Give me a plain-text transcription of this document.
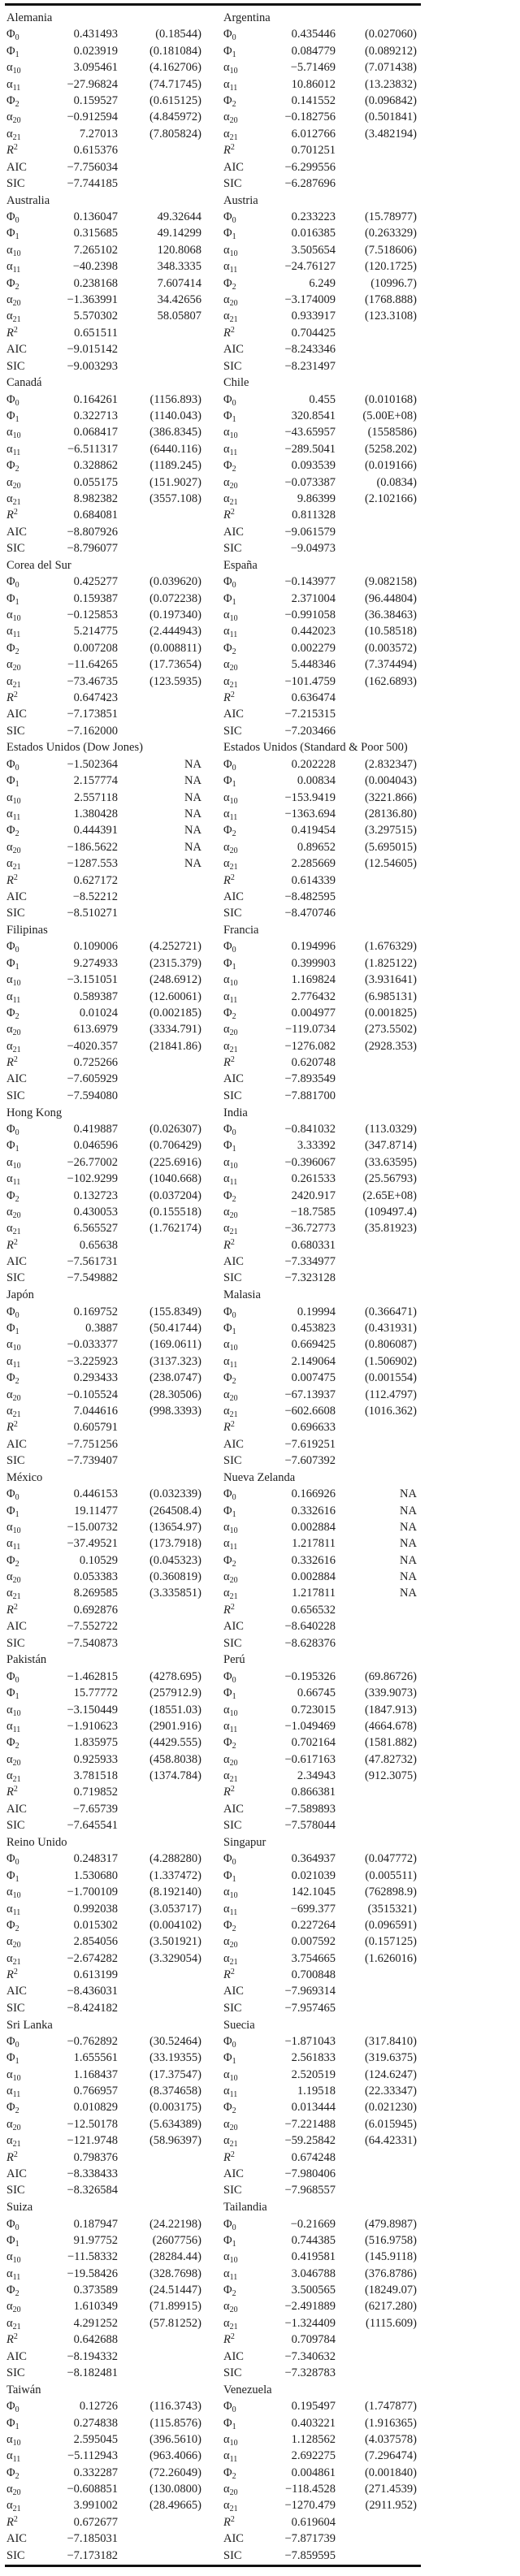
Alemania
$\Phi_0$	0.431493	(0.18544)
$\Phi_1$	0.023919	(0.181084)
$\alpha_{10}$	3.095461	(4.162706)
$\alpha_{11}$	−27.96824	(74.71745)
$\Phi_2$	0.159527	(0.615125)
$\alpha_{20}$	−0.912594	(4.845972)
$\alpha_{21}$	7.27013	(7.805824)
$R^2$	0.615376
AIC	−7.756034
SIC	−7.744185
Argentina
$\Phi_0$	0.435446	(0.027060)
$\Phi_1$	0.084779	(0.089212)
$\alpha_{10}$	−5.71469	(7.071438)
$\alpha_{11}$	10.86012	(13.23832)
$\Phi_2$	0.141552	(0.096842)
$\alpha_{20}$	−0.182756	(0.501841)
$\alpha_{21}$	6.012766	(3.482194)
$R^2$	0.701251
AIC	−6.299556
SIC	−6.287696
Australia
$\Phi_0$	0.136047	49.32644
$\Phi_1$	0.315685	49.14299
$\alpha_{10}$	7.265102	120.8068
$\alpha_{11}$	−40.2398	348.3335
$\Phi_2$	0.238168	7.607414
$\alpha_{20}$	−1.363991	34.42656
$\alpha_{21}$	5.570302	58.05807
$R^2$	0.651511
AIC	−9.015142
SIC	−9.003293
Austria
$\Phi_0$	0.233223	(15.78977)
$\Phi_1$	0.016385	(0.263329)
$\alpha_{10}$	3.505654	(7.518606)
$\alpha_{11}$	−24.76127	(120.1725)
$\Phi_2$	6.249	(10996.7)
$\alpha_{20}$	−3.174009	(1768.888)
$\alpha_{21}$	0.933917	(123.3108)
$R^2$	0.704425
AIC	−8.243346
SIC	−8.231497
Canadá
$\Phi_0$	0.164261	(1156.893)
$\Phi_1$	0.322713	(1140.043)
$\alpha_{10}$	0.068417	(386.8345)
$\alpha_{11}$	−6.511317	(6440.116)
$\Phi_2$	0.328862	(1189.245)
$\alpha_{20}$	0.055175	(151.9027)
$\alpha_{21}$	8.982382	(3557.108)
$R^2$	0.684081
AIC	−8.807926
SIC	−8.796077
Chile
$\Phi_0$	0.455	(0.010168)
$\Phi_1$	320.8541	(5.00E+08)
$\alpha_{10}$	−43.65957	(1558586)
$\alpha_{11}$	−289.5041	(5258.202)
$\Phi_2$	0.093539	(0.019166)
$\alpha_{20}$	−0.073387	(0.0834)
$\alpha_{21}$	9.86399	(2.102166)
$R^2$	0.811328
AIC	−9.061579
SIC	−9.04973
Corea del Sur
$\Phi_0$	0.425277	(0.039620)
$\Phi_1$	0.159387	(0.072238)
$\alpha_{10}$	−0.125853	(0.197340)
$\alpha_{11}$	5.214775	(2.444943)
$\Phi_2$	0.007208	(0.008811)
$\alpha_{20}$	−11.64265	(17.73654)
$\alpha_{21}$	−73.46735	(123.5935)
$R^2$	0.647423
AIC	−7.173851
SIC	−7.162000
España
$\Phi_0$	−0.143977	(9.082158)
$\Phi_1$	2.371004	(96.44804)
$\alpha_{10}$	−0.991058	(36.38463)
$\alpha_{11}$	0.442023	(10.58518)
$\Phi_2$	0.002279	(0.003572)
$\alpha_{20}$	5.448346	(7.374494)
$\alpha_{21}$	−101.4759	(162.6893)
$R^2$	0.636474
AIC	−7.215315
SIC	−7.203466
Estados Unidos (Dow Jones)
$\Phi_0$	−1.502364	NA
$\Phi_1$	2.157774	NA
$\alpha_{10}$	2.557118	NA
$\alpha_{11}$	1.380428	NA
$\Phi_2$	0.444391	NA
$\alpha_{20}$	−186.5622	NA
$\alpha_{21}$	−1287.553	NA
$R^2$	0.627172
AIC	−8.52212
SIC	−8.510271
Estados Unidos (Standard & Poor 500)
$\Phi_0$	0.202228	(2.832347)
$\Phi_1$	0.00834	(0.004043)
$\alpha_{10}$	−153.9419	(3221.866)
$\alpha_{11}$	−1363.694	(28136.80)
$\Phi_2$	0.419454	(3.297515)
$\alpha_{20}$	0.89652	(5.695015)
$\alpha_{21}$	2.285669	(12.54605)
$R^2$	0.614339
AIC	−8.482595
SIC	−8.470746
Filipinas
$\Phi_0$	0.109006	(4.252721)
$\Phi_1$	9.274933	(2315.379)
$\alpha_{10}$	−3.151051	(248.6912)
$\alpha_{11}$	0.589387	(12.60061)
$\Phi_2$	0.01024	(0.002185)
$\alpha_{20}$	613.6979	(3334.791)
$\alpha_{21}$	−4020.357	(21841.86)
$R^2$	0.725266
AIC	−7.605929
SIC	−7.594080
Francia
$\Phi_0$	0.194996	(1.676329)
$\Phi_1$	0.399903	(1.825122)
$\alpha_{10}$	1.169824	(3.931641)
$\alpha_{11}$	2.776432	(6.985131)
$\Phi_2$	0.004977	(0.001825)
$\alpha_{20}$	−119.0734	(273.5502)
$\alpha_{21}$	−1276.082	(2928.353)
$R^2$	0.620748
AIC	−7.893549
SIC	−7.881700
Hong Kong
$\Phi_0$	0.419887	(0.026307)
$\Phi_1$	0.046596	(0.706429)
$\alpha_{10}$	−26.77002	(225.6916)
$\alpha_{11}$	−102.9299	(1040.668)
$\Phi_2$	0.132723	(0.037204)
$\alpha_{20}$	0.430053	(0.155518)
$\alpha_{21}$	6.565527	(1.762174)
$R^2$	0.65638
AIC	−7.561731
SIC	−7.549882
India
$\Phi_0$	−0.841032	(113.0329)
$\Phi_1$	3.33392	(347.8714)
$\alpha_{10}$	−0.396067	(33.63595)
$\alpha_{11}$	0.261533	(25.56793)
$\Phi_2$	2420.917	(2.65E+08)
$\alpha_{20}$	−18.7585	(109497.4)
$\alpha_{21}$	−36.72773	(35.81923)
$R^2$	0.680331
AIC	−7.334977
SIC	−7.323128
Japón
$\Phi_0$	0.169752	(155.8349)
$\Phi_1$	0.3887	(50.41744)
$\alpha_{10}$	−0.033377	(169.0611)
$\alpha_{11}$	−3.225923	(3137.323)
$\Phi_2$	0.293433	(238.0747)
$\alpha_{20}$	−0.105524	(28.30506)
$\alpha_{21}$	7.044616	(998.3393)
$R^2$	0.605791
AIC	−7.751256
SIC	−7.739407
Malasia
$\Phi_0$	0.19994	(0.366471)
$\Phi_1$	0.453823	(0.431931)
$\alpha_{10}$	0.669425	(0.806087)
$\alpha_{11}$	2.149064	(1.506902)
$\Phi_2$	0.007475	(0.001554)
$\alpha_{20}$	−67.13937	(112.4797)
$\alpha_{21}$	−602.6608	(1016.362)
$R^2$	0.696633
AIC	−7.619251
SIC	−7.607392
México
$\Phi_0$	0.446153	(0.032339)
$\Phi_1$	19.11477	(264508.4)
$\alpha_{10}$	−15.00732	(13654.97)
$\alpha_{11}$	−37.49521	(173.7918)
$\Phi_2$	0.10529	(0.045323)
$\alpha_{20}$	0.053383	(0.360819)
$\alpha_{21}$	8.269585	(3.335851)
$R^2$	0.692876
AIC	−7.552722
SIC	−7.540873
Nueva Zelanda
$\Phi_0$	0.166926	NA
$\Phi_1$	0.332616	NA
$\alpha_{10}$	0.002884	NA
$\alpha_{11}$	1.217811	NA
$\Phi_2$	0.332616	NA
$\alpha_{20}$	0.002884	NA
$\alpha_{21}$	1.217811	NA
$R^2$	0.656532
AIC	−8.640228
SIC	−8.628376
Pakistán
$\Phi_0$	−1.462815	(4278.695)
$\Phi_1$	15.77772	(257912.9)
$\alpha_{10}$	−3.150449	(18551.03)
$\alpha_{11}$	−1.910623	(2901.916)
$\Phi_2$	1.835975	(4429.555)
$\alpha_{20}$	0.925933	(458.8038)
$\alpha_{21}$	3.781518	(1374.784)
$R^2$	0.719852
AIC	−7.65739
SIC	−7.645541
Perú
$\Phi_0$	−0.195326	(69.86726)
$\Phi_1$	0.66745	(339.9073)
$\alpha_{10}$	0.723015	(1847.913)
$\alpha_{11}$	−1.049469	(4664.678)
$\Phi_2$	0.702164	(1581.882)
$\alpha_{20}$	−0.617163	(47.82732)
$\alpha_{21}$	2.34943	(912.3075)
$R^2$	0.866381
AIC	−7.589893
SIC	−7.578044
Reino Unido
$\Phi_0$	0.248317	(4.288280)
$\Phi_1$	1.530680	(1.337472)
$\alpha_{10}$	−1.700109	(8.192140)
$\alpha_{11}$	0.992038	(3.053717)
$\Phi_2$	0.015302	(0.004102)
$\alpha_{20}$	2.854056	(3.501921)
$\alpha_{21}$	−2.674282	(3.329054)
$R^2$	0.613199
AIC	−8.436031
SIC	−8.424182
Singapur
$\Phi_0$	0.364937	(0.047772)
$\Phi_1$	0.021039	(0.005511)
$\alpha_{10}$	142.1045	(762898.9)
$\alpha_{11}$	−699.377	(3515321)
$\Phi_2$	0.227264	(0.096591)
$\alpha_{20}$	0.007592	(0.157125)
$\alpha_{21}$	3.754665	(1.626016)
$R^2$	0.700848
AIC	−7.969314
SIC	−7.957465
Sri Lanka
$\Phi_0$	−0.762892	(30.52464)
$\Phi_1$	1.655561	(33.19355)
$\alpha_{10}$	1.168437	(17.37547)
$\alpha_{11}$	0.766957	(8.374658)
$\Phi_2$	0.010829	(0.003175)
$\alpha_{20}$	−12.50178	(5.634389)
$\alpha_{21}$	−121.9748	(58.96397)
$R^2$	0.798376
AIC	−8.338433
SIC	−8.326584
Suecia
$\Phi_0$	−1.871043	(317.8410)
$\Phi_1$	2.561833	(319.6375)
$\alpha_{10}$	2.520519	(124.6247)
$\alpha_{11}$	1.19518	(22.33347)
$\Phi_2$	0.013444	(0.021230)
$\alpha_{20}$	−7.221488	(6.015945)
$\alpha_{21}$	−59.25842	(64.42331)
$R^2$	0.674248
AIC	−7.980406
SIC	−7.968557
Suiza
$\Phi_0$	0.187947	(24.22198)
$\Phi_1$	91.97752	(2607756)
$\alpha_{10}$	−11.58332	(28284.44)
$\alpha_{11}$	−19.58426	(328.7698)
$\Phi_2$	0.373589	(24.51447)
$\alpha_{20}$	1.610349	(71.89915)
$\alpha_{21}$	4.291252	(57.81252)
$R^2$	0.642688
AIC	−8.194332
SIC	−8.182481
Tailandia
$\Phi_0$	−0.21669	(479.8987)
$\Phi_1$	0.744385	(516.9758)
$\alpha_{10}$	0.419581	(145.9118)
$\alpha_{11}$	3.046788	(376.8786)
$\Phi_2$	3.500565	(18249.07)
$\alpha_{20}$	−2.491889	(6217.280)
$\alpha_{21}$	−1.324409	(1115.609)
$R^2$	0.709784
AIC	−7.340632
SIC	−7.328783
Taiwán
$\Phi_0$	0.12726	(116.3743)
$\Phi_1$	0.274838	(115.8576)
$\alpha_{10}$	2.595045	(396.5610)
$\alpha_{11}$	−5.112943	(963.4066)
$\Phi_2$	0.332287	(72.26049)
$\alpha_{20}$	−0.608851	(130.0800)
$\alpha_{21}$	3.991002	(28.49665)
$R^2$	0.672677
AIC	−7.185031
SIC	−7.173182
Venezuela
$\Phi_0$	0.195497	(1.747877)
$\Phi_1$	0.403221	(1.916365)
$\alpha_{10}$	1.128562	(4.037578)
$\alpha_{11}$	2.692275	(7.296474)
$\Phi_2$	0.004861	(0.001840)
$\alpha_{20}$	−118.4528	(271.4539)
$\alpha_{21}$	−1270.479	(2911.952)
$R^2$	0.619604
AIC	−7.871739
SIC	−7.859595
